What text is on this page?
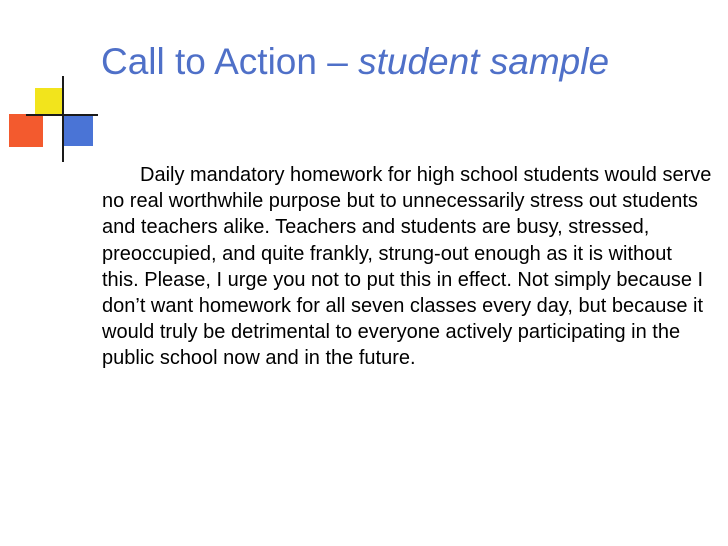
Call to Action – student sample

Daily mandatory homework for high school students would serve no real worthwhile purpose but to unnecessarily stress out students and teachers alike. Teachers and students are busy, stressed, preoccupied, and quite frankly, strung-out enough as it is without this. Please, I urge you not to put this in effect. Not simply because I don’t want homework for all seven classes every day, but because it would truly be detrimental to everyone actively participating in the public school now and in the future.
